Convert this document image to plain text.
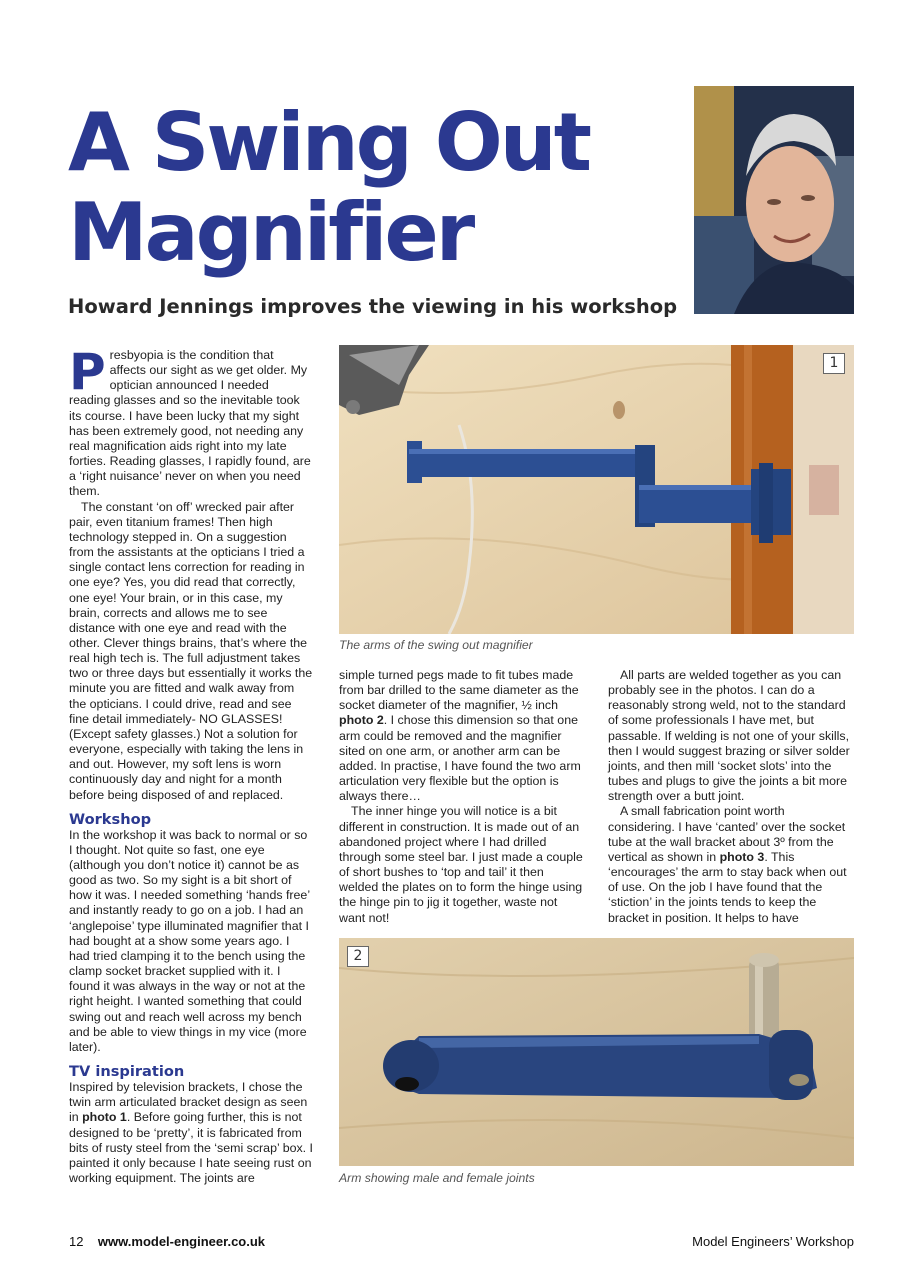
A Swing Out Magnifier
Howard Jennings improves the viewing in his workshop

Presbyopia is the condition that affects our sight as we get older. My optician announced I needed reading glasses and so the inevitable took its course. I have been lucky that my sight has been extremely good, not needing any real magnification aids right into my late forties. Reading glasses, I rapidly found, are a ‘right nuisance’ never on when you need them.

The constant ‘on off’ wrecked pair after pair, even titanium frames! Then high technology stepped in. On a suggestion from the assistants at the opticians I tried a single contact lens correction for reading in one eye? Yes, you did read that correctly, one eye! Your brain, or in this case, my brain, corrects and allows me to see distance with one eye and read with the other. Clever things brains, that’s where the real high tech is. The full adjustment takes two or three days but essentially it works the minute you are fitted and walk away from the opticians. I could drive, read and see fine detail immediately- NO GLASSES! (Except safety glasses.) Not a solution for everyone, especially with taking the lens in and out. However, my soft lens is worn continuously day and night for a month before being disposed of and replaced.

Workshop

In the workshop it was back to normal or so I thought. Not quite so fast, one eye (although you don’t notice it) cannot be as good as two. So my sight is a bit short of how it was. I needed something ‘hands free’ and instantly ready to go on a job. I had an ‘anglepoise’ type illuminated magnifier that I had bought at a show some years ago. I had tried clamping it to the bench using the clamp socket bracket supplied with it. I found it was always in the way or not at the right height. I wanted something that could swing out and reach well across my bench and be able to view things in my vice (more later).

TV inspiration

Inspired by television brackets, I chose the twin arm articulated bracket design as seen in photo 1. Before going further, this is not designed to be ‘pretty’, it is fabricated from bits of rusty steel from the ‘semi scrap’ box. I painted it only because I hate seeing rust on working equipment. The joints are

1
The arms of the swing out magnifier

simple turned pegs made to fit tubes made from bar drilled to the same diameter as the socket diameter of the magnifier, ½ inch photo 2. I chose this dimension so that one arm could be removed and the magnifier sited on one arm, or another arm can be added. In practise, I have found the two arm articulation very flexible but the option is always there…

The inner hinge you will notice is a bit different in construction. It is made out of an abandoned project where I had drilled through some steel bar. I just made a couple of short bushes to ‘top and tail’ it then welded the plates on to form the hinge using the hinge pin to jig it together, waste not want not!

All parts are welded together as you can probably see in the photos. I can do a reasonably strong weld, not to the standard of some professionals I have met, but passable. If welding is not one of your skills, then I would suggest brazing or silver solder joints, and then mill ‘socket slots’ into the tubes and plugs to give the joints a bit more strength over a butt joint.

A small fabrication point worth considering. I have ‘canted’ over the socket tube at the wall bracket about 3º from the vertical as shown in photo 3. This ‘encourages’ the arm to stay back when out of use. On the job I have found that the ‘stiction’ in the joints tends to keep the bracket in position. It helps to have

2
Arm showing male and female joints
12 www.model-engineer.co.uk	Model Engineers’ Workshop
